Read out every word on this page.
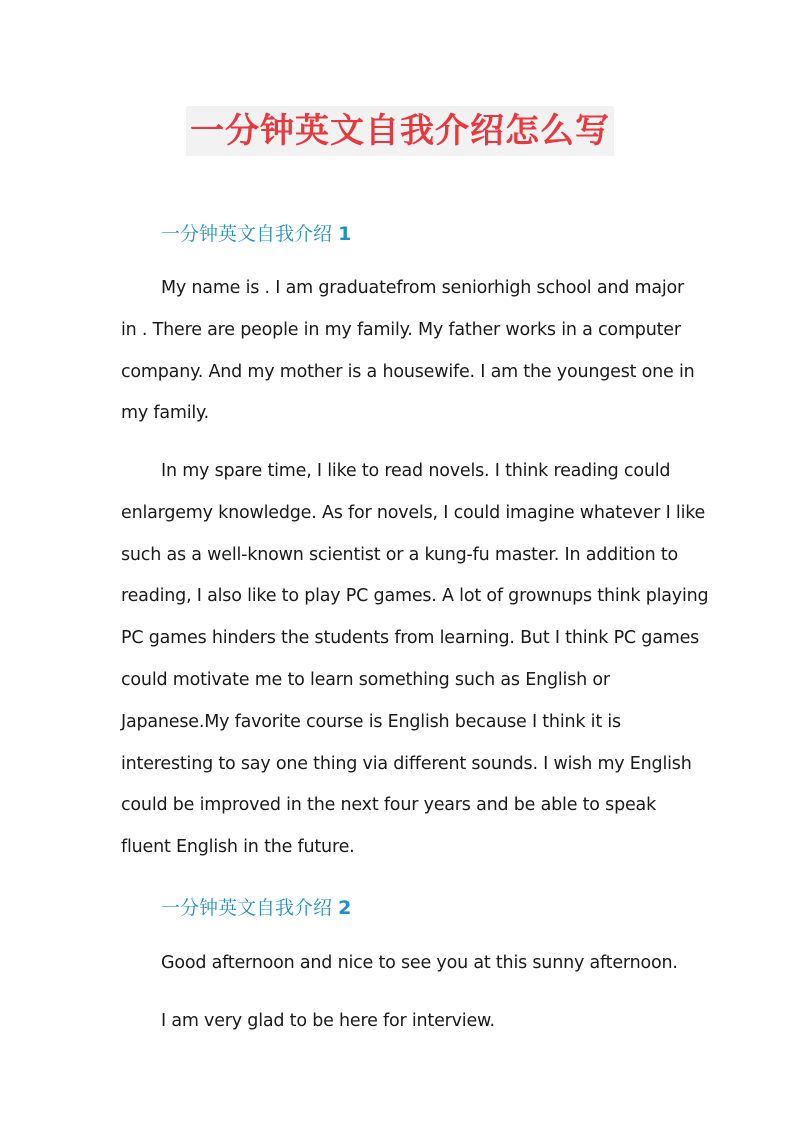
一分钟英文自我介绍怎么写
一分钟英文自我介绍 1
My name is . I am graduatefrom seniorhigh school and major
in . There are people in my family. My father works in a computer
company. And my mother is a housewife. I am the youngest one in
my family.
In my spare time, I like to read novels. I think reading could
enlargemy knowledge. As for novels, I could imagine whatever I like
such as a well-known scientist or a kung-fu master. In addition to
reading, I also like to play PC games. A lot of grownups think playing
PC games hinders the students from learning. But I think PC games
could motivate me to learn something such as English or
Japanese.My favorite course is English because I think it is
interesting to say one thing via different sounds. I wish my English
could be improved in the next four years and be able to speak
fluent English in the future.
一分钟英文自我介绍 2
Good afternoon and nice to see you at this sunny afternoon.
I am very glad to be here for interview.
